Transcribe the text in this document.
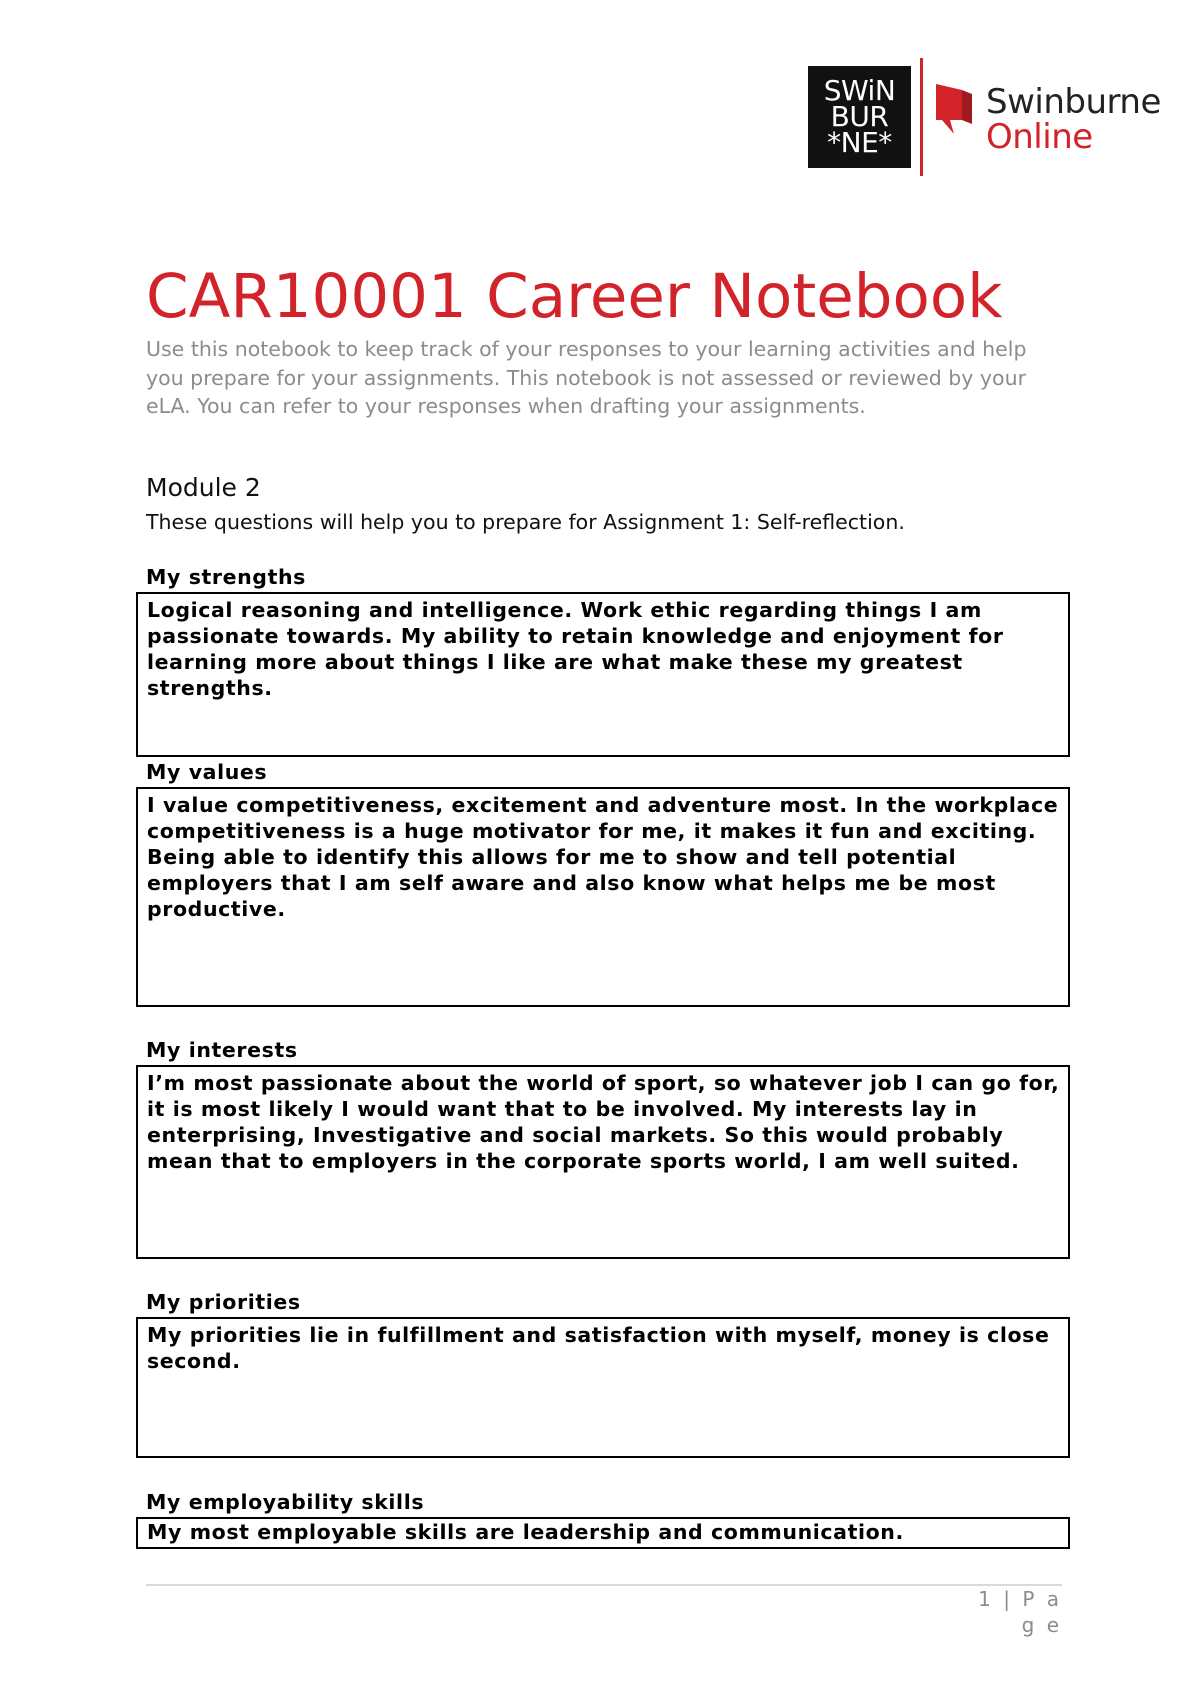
SWiN
BUR
*NE*
Swinburne
Online
CAR10001 Career Notebook
Use this notebook to keep track of your responses to your learning activities and help you prepare for your assignments. This notebook is not assessed or reviewed by your eLA. You can refer to your responses when drafting your assignments.
Module 2
These questions will help you to prepare for Assignment 1: Self-reflection.
My strengths
Logical reasoning and intelligence. Work ethic regarding things I am passionate towards. My ability to retain knowledge and enjoyment for learning more about things I like are what make these my greatest strengths.
My values
I value competitiveness, excitement and adventure most. In the workplace competitiveness is a huge motivator for me, it makes it fun and exciting. Being able to identify this allows for me to show and tell potential employers that I am self aware and also know what helps me be most productive.
My interests
I’m most passionate about the world of sport, so whatever job I can go for, it is most likely I would want that to be involved. My interests lay in enterprising, Investigative and social markets. So this would probably mean that to employers in the corporate sports world, I am well suited.
My priorities
My priorities lie in fulfillment and satisfaction with myself, money is close second.
My employability skills
My most employable skills are leadership and communication.
1 | P a g e
